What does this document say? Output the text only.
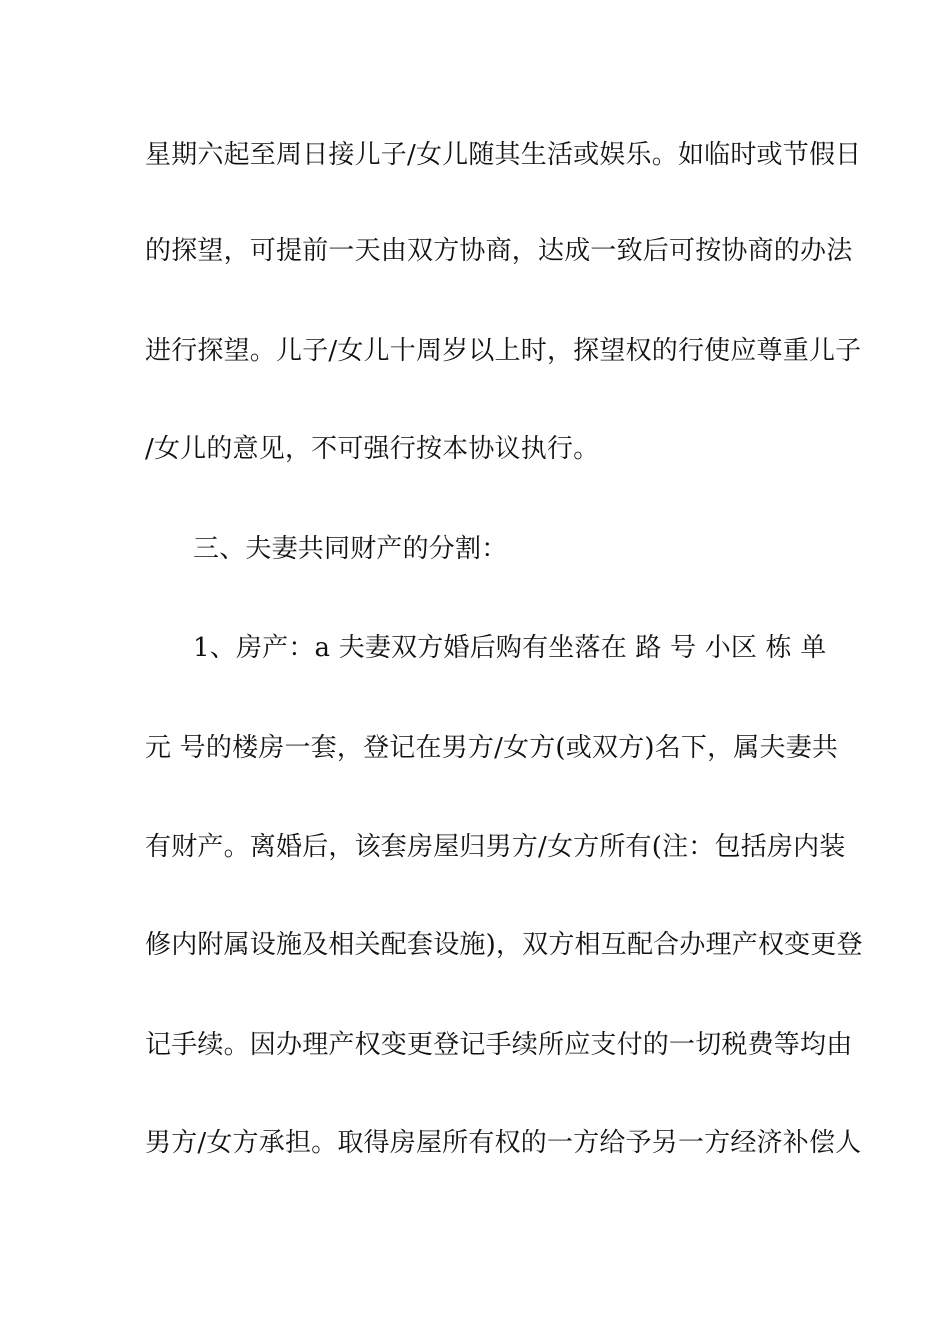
星期六起至周日接儿子/女儿随其生活或娱乐。如临时或节假日
的探望，可提前一天由双方协商，达成一致后可按协商的办法
进行探望。儿子/女儿十周岁以上时，探望权的行使应尊重儿子
/女儿的意见，不可强行按本协议执行。
三、夫妻共同财产的分割：
1、房产：a 夫妻双方婚后购有坐落在 路 号 小区 栋 单
元 号的楼房一套，登记在男方/女方(或双方)名下，属夫妻共
有财产。离婚后，该套房屋归男方/女方所有(注：包括房内装
修内附属设施及相关配套设施)，双方相互配合办理产权变更登
记手续。因办理产权变更登记手续所应支付的一切税费等均由
男方/女方承担。取得房屋所有权的一方给予另一方经济补偿人
